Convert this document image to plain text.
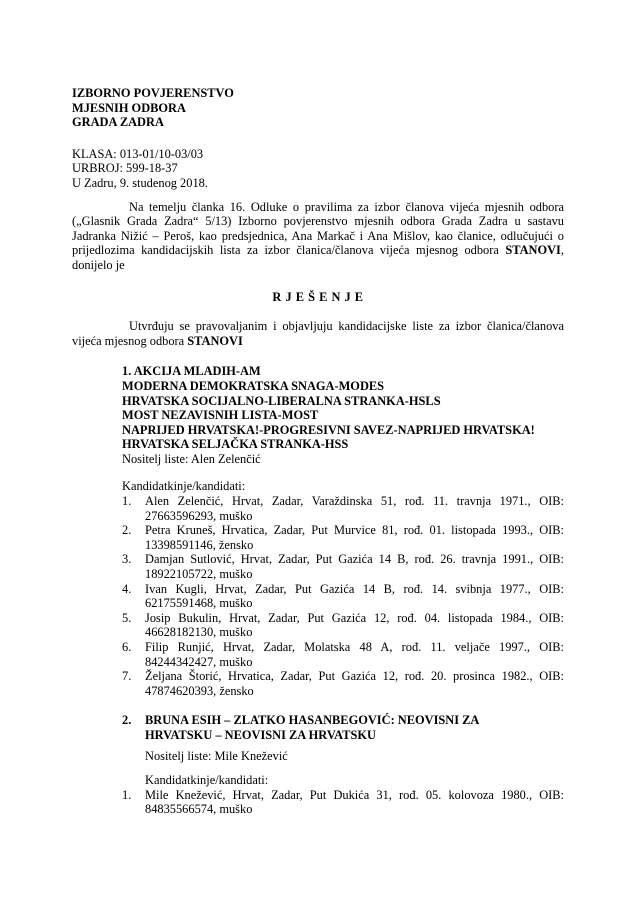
IZBORNO POVJERENSTVO
MJESNIH ODBORA
GRADA ZADRA
KLASA: 013-01/10-03/03
URBROJ: 599-18-37
U Zadru, 9. studenog 2018.

Na temelju članka 16. Odluke o pravilima za izbor članova vijeća mjesnih odbora („Glasnik Grada Zadra“ 5/13) Izborno povjerenstvo mjesnih odbora Grada Zadra u sastavu Jadranka Nižić – Peroš, kao predsjednica, Ana Markač i Ana Mišlov, kao članice, odlučujući o prijedlozima kandidacijskih lista za izbor članica/članova vijeća mjesnog odbora STANOVI, donijelo je

R J E Š E N J E

Utvrđuju se pravovaljanim i objavljuju kandidacijske liste za izbor članica/članova vijeća mjesnog odbora STANOVI

1. AKCIJA MLADIH-AM
MODERNA DEMOKRATSKA SNAGA-MODES
HRVATSKA SOCIJALNO-LIBERALNA STRANKA-HSLS
MOST NEZAVISNIH LISTA-MOST
NAPRIJED HRVATSKA!-PROGRESIVNI SAVEZ-NAPRIJED HRVATSKA!
HRVATSKA SELJAČKA STRANKA-HSS
Nositelj liste: Alen Zelenčić
Kandidatkinje/kandidati:
1.	Alen Zelenčić, Hrvat, Zadar, Varaždinska 51, rođ. 11. travnja 1971., OIB: 27663596293, muško
2.	Petra Kruneš, Hrvatica, Zadar, Put Murvice 81, rođ. 01. listopada 1993., OIB: 13398591146, žensko
3.	Damjan Sutlović, Hrvat, Zadar, Put Gazića 14 B, rođ. 26. travnja 1991., OIB: 18922105722, muško
4.	Ivan Kugli, Hrvat, Zadar, Put Gazića 14 B, rođ. 14. svibnja 1977., OIB: 62175591468, muško
5.	Josip Bukulin, Hrvat, Zadar, Put Gazića 12, rođ. 04. listopada 1984., OIB: 46628182130, muško
6.	Filip Runjić, Hrvat, Zadar, Molatska 48 A, rođ. 11. veljače 1997., OIB: 84244342427, muško
7.	Željana Štorić, Hrvatica, Zadar, Put Gazića 12, rođ. 20. prosinca 1982., OIB: 47874620393, žensko
2.	BRUNA ESIH – ZLATKO HASANBEGOVIĆ: NEOVISNI ZA
HRVATSKU – NEOVISNI ZA HRVATSKU
Nositelj liste: Mile Knežević
Kandidatkinje/kandidati:
1.	Mile Knežević, Hrvat, Zadar, Put Dukića 31, rođ. 05. kolovoza 1980., OIB: 84835566574, muško
